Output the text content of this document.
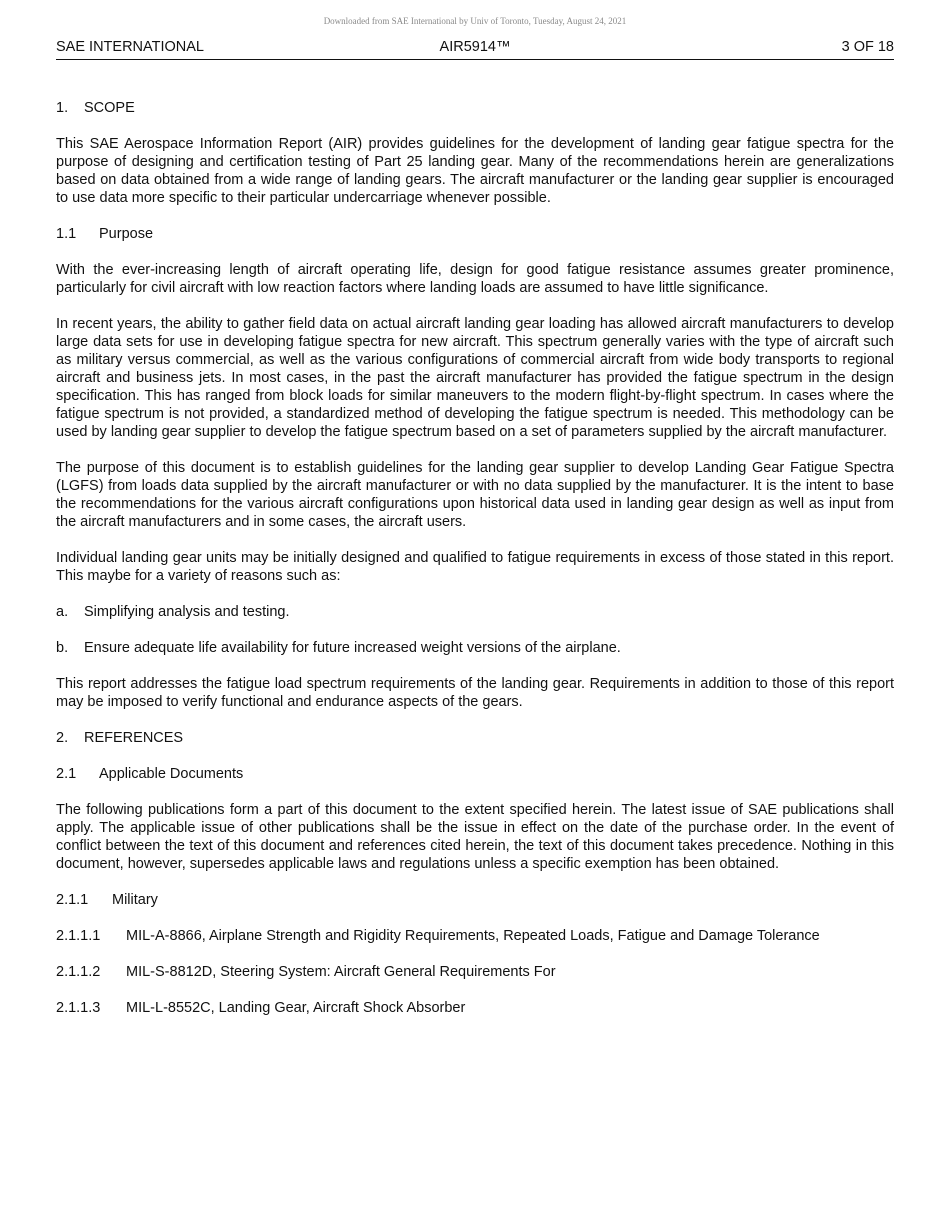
Downloaded from SAE International by Univ of Toronto, Tuesday, August 24, 2021
AIR5914™
SAE INTERNATIONAL	3 OF 18
1. SCOPE

This SAE Aerospace Information Report (AIR) provides guidelines for the development of landing gear fatigue spectra for the purpose of designing and certification testing of Part 25 landing gear. Many of the recommendations herein are generalizations based on data obtained from a wide range of landing gears. The aircraft manufacturer or the landing gear supplier is encouraged to use data more specific to their particular undercarriage whenever possible.

1.1 Purpose

With the ever-increasing length of aircraft operating life, design for good fatigue resistance assumes greater prominence, particularly for civil aircraft with low reaction factors where landing loads are assumed to have little significance.

In recent years, the ability to gather field data on actual aircraft landing gear loading has allowed aircraft manufacturers to develop large data sets for use in developing fatigue spectra for new aircraft. This spectrum generally varies with the type of aircraft such as military versus commercial, as well as the various configurations of commercial aircraft from wide body transports to regional aircraft and business jets. In most cases, in the past the aircraft manufacturer has provided the fatigue spectrum in the design specification. This has ranged from block loads for similar maneuvers to the modern flight-by-flight spectrum. In cases where the fatigue spectrum is not provided, a standardized method of developing the fatigue spectrum is needed. This methodology can be used by landing gear supplier to develop the fatigue spectrum based on a set of parameters supplied by the aircraft manufacturer.

The purpose of this document is to establish guidelines for the landing gear supplier to develop Landing Gear Fatigue Spectra (LGFS) from loads data supplied by the aircraft manufacturer or with no data supplied by the manufacturer. It is the intent to base the recommendations for the various aircraft configurations upon historical data used in landing gear design as well as input from the aircraft manufacturers and in some cases, the aircraft users.

Individual landing gear units may be initially designed and qualified to fatigue requirements in excess of those stated in this report. This maybe for a variety of reasons such as:

a. Simplifying analysis and testing.
b. Ensure adequate life availability for future increased weight versions of the airplane.

This report addresses the fatigue load spectrum requirements of the landing gear. Requirements in addition to those of this report may be imposed to verify functional and endurance aspects of the gears.

2. REFERENCES
2.1 Applicable Documents

The following publications form a part of this document to the extent specified herein. The latest issue of SAE publications shall apply. The applicable issue of other publications shall be the issue in effect on the date of the purchase order. In the event of conflict between the text of this document and references cited herein, the text of this document takes precedence. Nothing in this document, however, supersedes applicable laws and regulations unless a specific exemption has been obtained.

2.1.1 Military
2.1.1.1 MIL-A-8866, Airplane Strength and Rigidity Requirements, Repeated Loads, Fatigue and Damage Tolerance
2.1.1.2 MIL-S-8812D, Steering System: Aircraft General Requirements For
2.1.1.3 MIL-L-8552C, Landing Gear, Aircraft Shock Absorber
